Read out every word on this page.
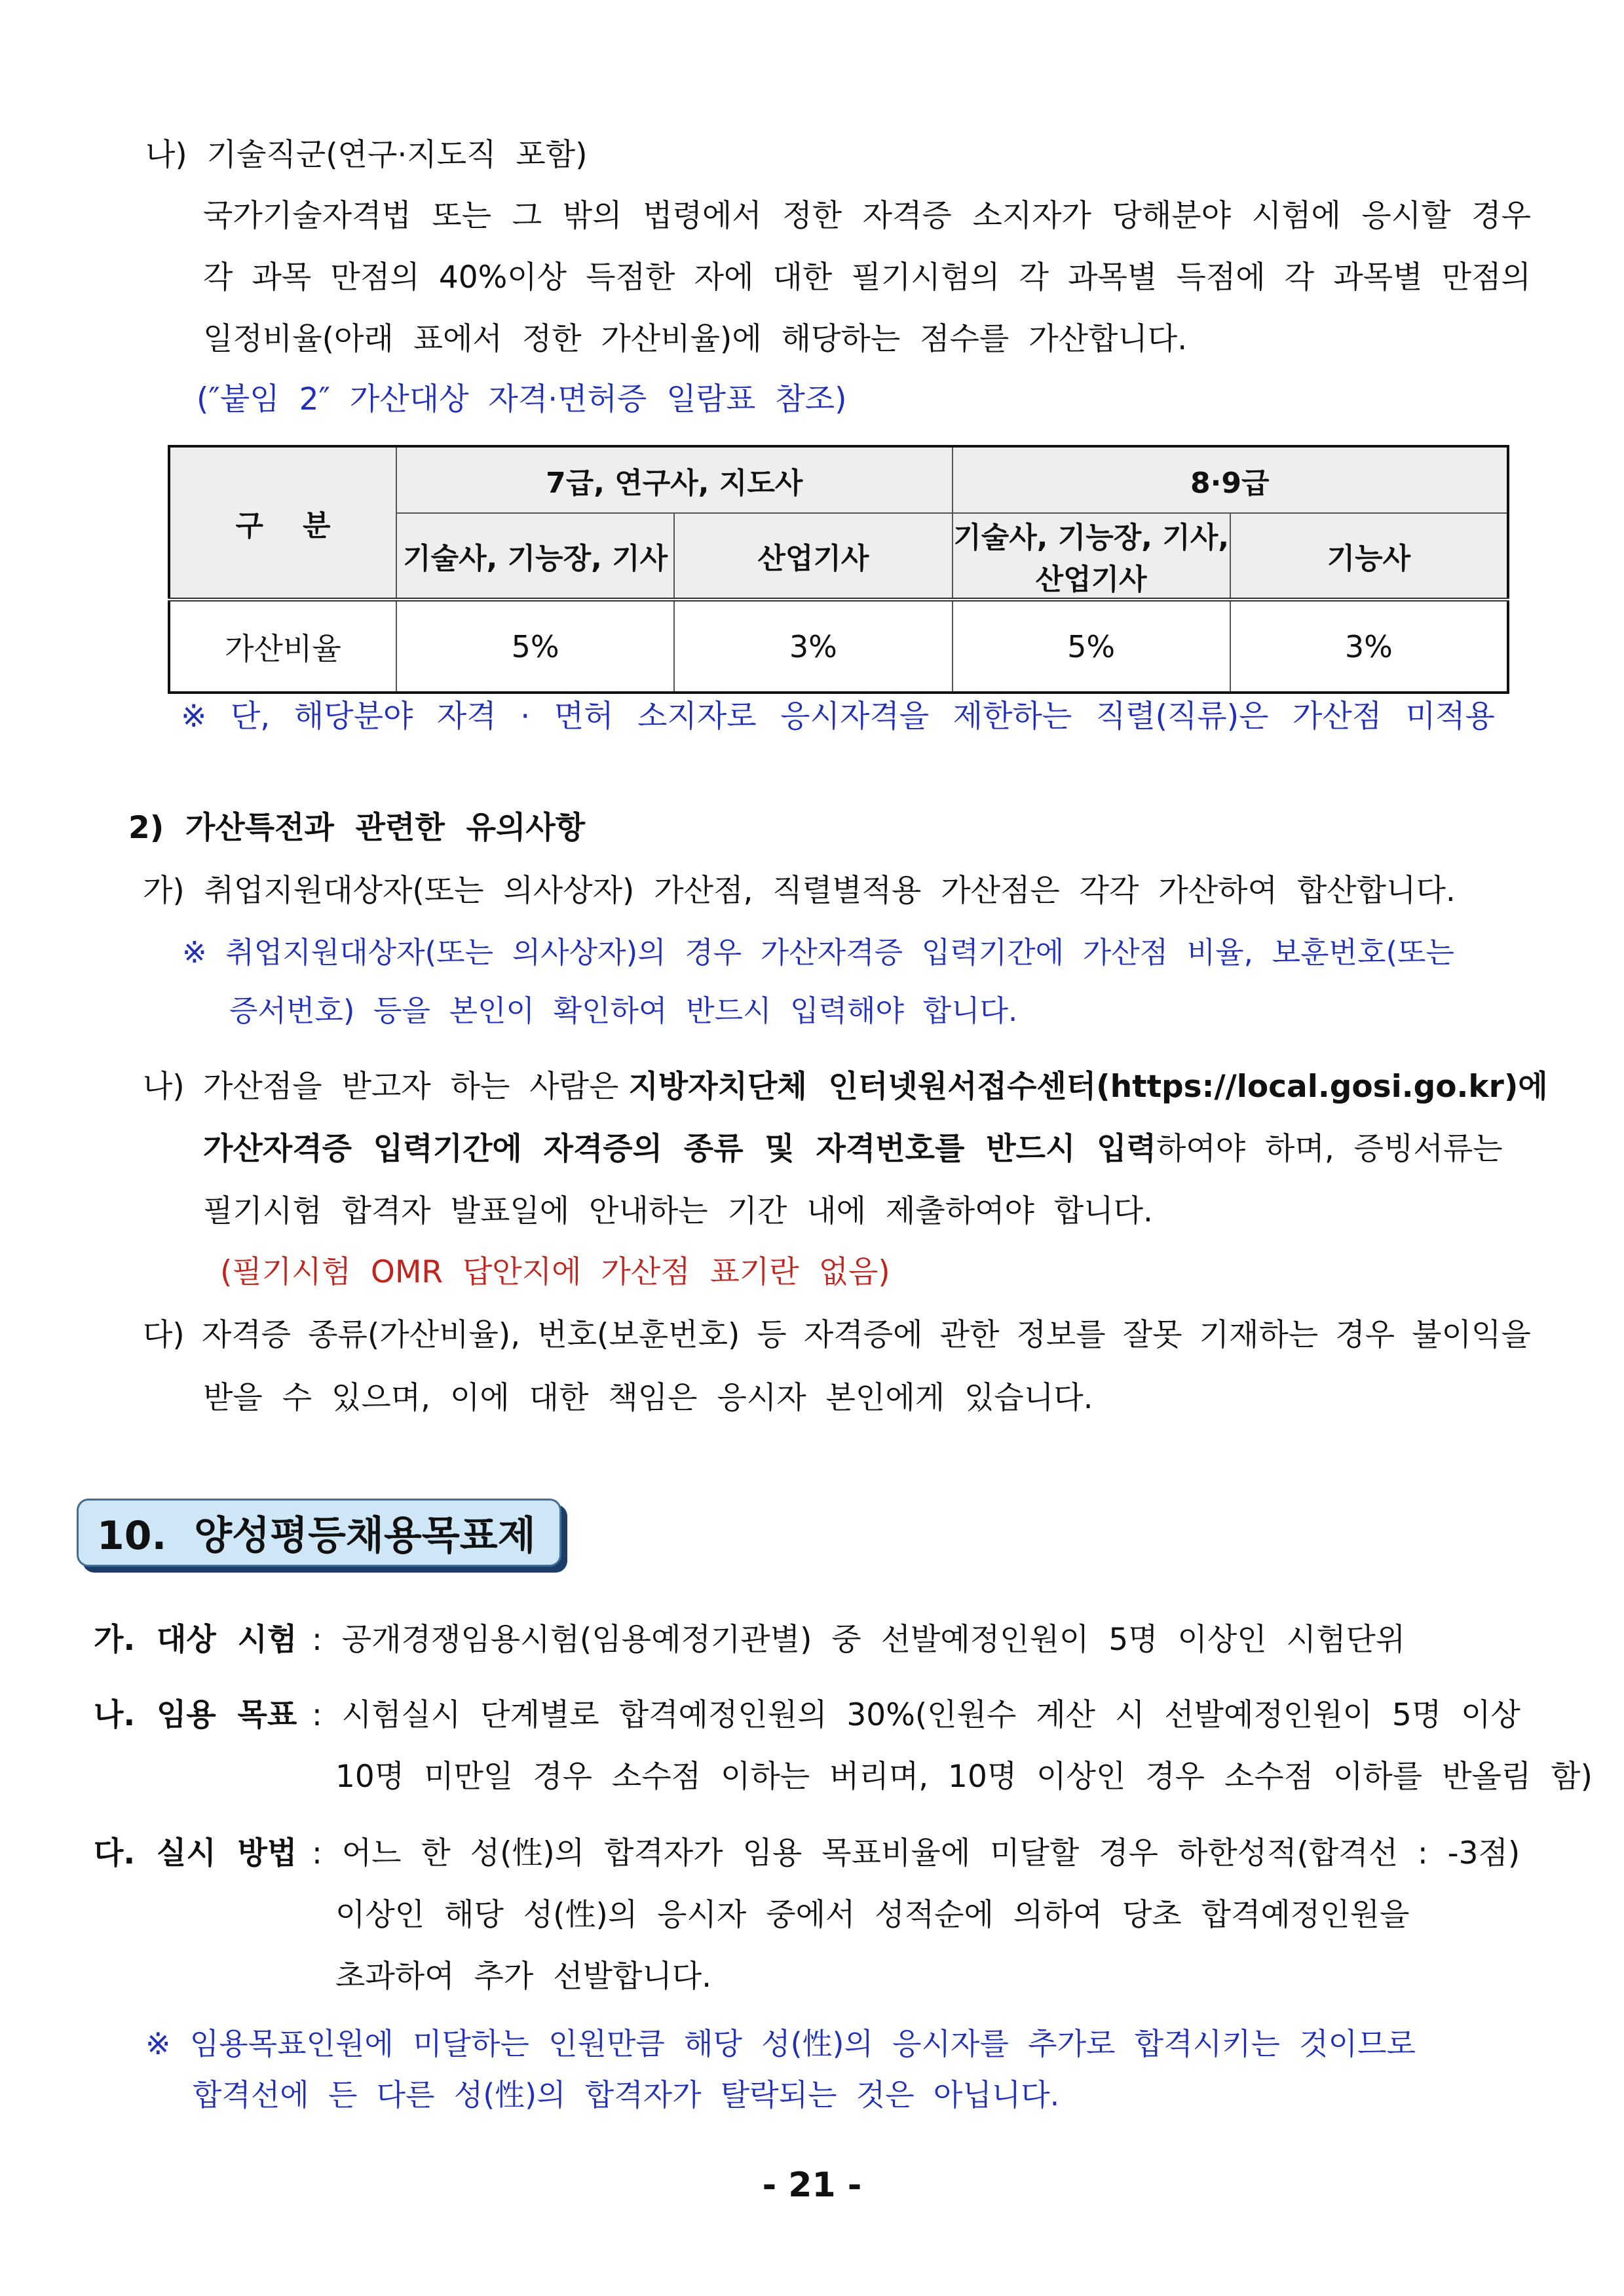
나)  기술직군(연구·지도직  포함)
국가기술자격법 또는 그 밖의 법령에서 정한 자격증 소지자가 당해분야 시험에 응시할 경우
각 과목 만점의 40%이상 득점한 자에 대한 필기시험의 각 과목별 득점에 각 과목별 만점의
일정비율(아래  표에서  정한  가산비율)에  해당하는  점수를  가산합니다.
(″붙임  2″  가산대상  자격·면허증  일람표  참조)
구분	7급, 연구사, 지도사		8·9급	
	기술사, 기능장, 기사	산업기사	기술사, 기능장, 기사, 산업기사	기능사
가산비율	5%	3%	5%	3%
※ 단, 해당분야 자격 · 면허 소지자로 응시자격을 제한하는 직렬(직류)은 가산점 미적용
2)  가산특전과  관련한  유의사항
가)  취업지원대상자(또는  의사상자)  가산점,  직렬별적용  가산점은  각각  가산하여  합산합니다.
※  취업지원대상자(또는  의사상자)의  경우  가산자격증  입력기간에  가산점  비율,  보훈번호(또는
증서번호)  등을  본인이  확인하여  반드시  입력해야  합니다.
나) 가산점을  받고자  하는  사람은 지방자치단체  인터넷원서접수센터(https://local.gosi.go.kr)에
가산자격증  입력기간에  자격증의  종류  및  자격번호를  반드시  입력하여야  하며,  증빙서류는
필기시험  합격자  발표일에  안내하는  기간  내에  제출하여야  합니다.
(필기시험  OMR  답안지에  가산점  표기란  없음)
다) 자격증 종류(가산비율), 번호(보훈번호) 등 자격증에 관한 정보를 잘못 기재하는 경우 불이익을
받을  수  있으며,  이에  대한  책임은  응시자  본인에게  있습니다.
10.  양성평등채용목표제
가.  대상  시험 :  공개경쟁임용시험(임용예정기관별)  중  선발예정인원이  5명  이상인  시험단위
나.  임용  목표 :  시험실시  단계별로  합격예정인원의  30%(인원수  계산  시  선발예정인원이  5명  이상
10명  미만일  경우  소수점  이하는  버리며,  10명  이상인  경우  소수점  이하를  반올림  함)
다.  실시  방법 :  어느  한  성(性)의  합격자가  임용  목표비율에  미달할  경우  하한성적(합격선  :  -3점)
이상인  해당  성(性)의  응시자  중에서  성적순에  의하여  당초  합격예정인원을
초과하여  추가  선발합니다.
※  임용목표인원에  미달하는  인원만큼  해당  성(性)의  응시자를  추가로  합격시키는  것이므로
합격선에  든  다른  성(性)의  합격자가  탈락되는  것은  아닙니다.
- 21 -
